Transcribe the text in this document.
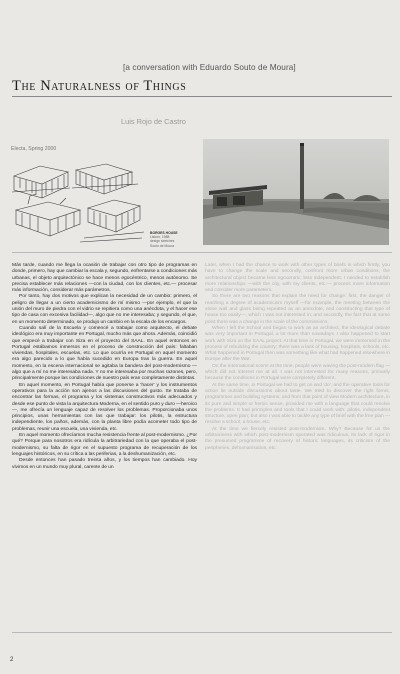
[a conversation with Eduardo Souto de Moura]
The Naturalness of Things
Luis Rojo de Castro
Electa, Spring 2000
BORGES HOUSE
Lisbon, 1988
design sketches
Souto de Moura

Más tarde, cuando me llega la ocasión de trabajar con otro tipo de programas en donde, primero, hay que cambiar la escala y, segundo, enfrentarse a condiciones más urbanas, el objeto arquitectónico se hace menos egocéntrico, menos autónomo. Se precisa establecer más relaciones —con la ciudad, con los clientes, etc.— procesar más información, considerar más parámetros.

Por tanto, hay dos motivos que explican la necesidad de un cambio: primero, el peligro de llegar a un cierto academicismo de mí mismo —por ejemplo, el que la unión del muro de piedra con el vidrio se repitiera como una anécdota, y el hacer ese tipo de casa con excesiva facilidad—, algo que no me interesaba; y segundo, el que, en un momento determinado, se produjo un cambio en la escala de los encargos.

Cuando salí de la Escuela y comencé a trabajar como arquitecto, el debate ideológico era muy importante en Portugal, mucho más que ahora. Además, coincidió que empecé a trabajar con Siza en el proyecto del SAAL. En aquel entonces en Portugal estábamos inmersos en el proceso de construcción del país: faltaban viviendas, hospitales, escuelas, etc. Lo que ocurría en Portugal en aquel momento era algo parecido a lo que había sucedido en Europa tras la guerra. En aquel momento, en la escena internacional se agitaba la bandera del post-modernismo —algo que a mí no me interesaba nada. Y no me interesaba por muchas razones, pero, principalmente porque las condiciones de nuestro país eran completamente distintas.

En aquel momento, en Portugal había que ponerse a 'hacer' y los instrumentos operativos para la acción son ajenos a las discusiones del gusto. Se trataba de encontrar las formas, el programa y los sistemas constructivos más adecuados y desde ese punto de vista la arquitectura Moderna, en el sentido puro y duro —heroico—, me ofrecía un lenguaje capaz de resolver los problemas. Proporcionaba unos principios, unas herramientas con las que trabajar: los pilotis, la estructura independiente, los paños, además, con la planta libre podía acometer todo tipo de problemas, reunir una escuela, una vivienda, etc.

En aquel momento ofrecíamos mucha resistencia frente al post-modernismo. ¿Por qué? Porque para nosotros era ridícula la arbitrariedad con la que operaba el post-modernismo, su falta de rigor en el supuesto programa de recuperación de los lenguajes históricos, en su crítica a las periferias, a la deshumanización, etc.

Desde entonces han pasado treinta años, y los tiempos han cambiado. Hoy vivimos en un mundo muy plural, carente de un

Later, when I had the chance to work with other types of briefs in which firstly, you have to change the scale and secondly, confront more urban conditions, the architectural object became less egocentric, less independent. I needed to establish more relationships —with the city, with my clients, etc.— process more information and consider more parameters.

So there are two reasons that explain the need for change: first, the danger of reaching a degree of academicism myself —for example, the meeting between the stone wall and glass being repeated as an anecdote, and constructing that type of house too easily—, which I was not interested in; and secondly, the fact that at some point there was a change in the scale of the commissions.

When I left the School and began to work as an architect, the ideological debate was very important in Portugal, a lot more than nowadays. I also happened to start work with Siza on the SAAL project. At that time in Portugal, we were immersed in the process of rebuilding the country; there was a lack of housing, hospitals, schools, etc. What happened in Portugal then was something like what had happened elsewhere in Europe after the War.

On the international scene at the time, people were waving the post-modern flag —which did not interest me at all. I was not interested for many reasons, primarily because the conditions in Portugal were completely different.

At the same time, in Portugal we had to get on and 'do', and the operative tools for action lie outside discussions about taste. We tried to discover the right forms, programmes and building systems, and from that point of view Modern architecture, in its pure and simple or heroic sense, provided me with a language that could resolve the problems. It had principles and tools that I could work with: pilotis, independent structure, open plan; but also I was able to tackle any type of brief with the free plan —resolve a school, a house, etc.

At the time we fiercely resisted post-modernism. Why? Because for us the arbitrariness with which post-modernism operated was ridiculous, its lack of rigor in the presumed programme of recovery of historic languages, its criticism of the peripheries, dehumanisation, etc.

2
